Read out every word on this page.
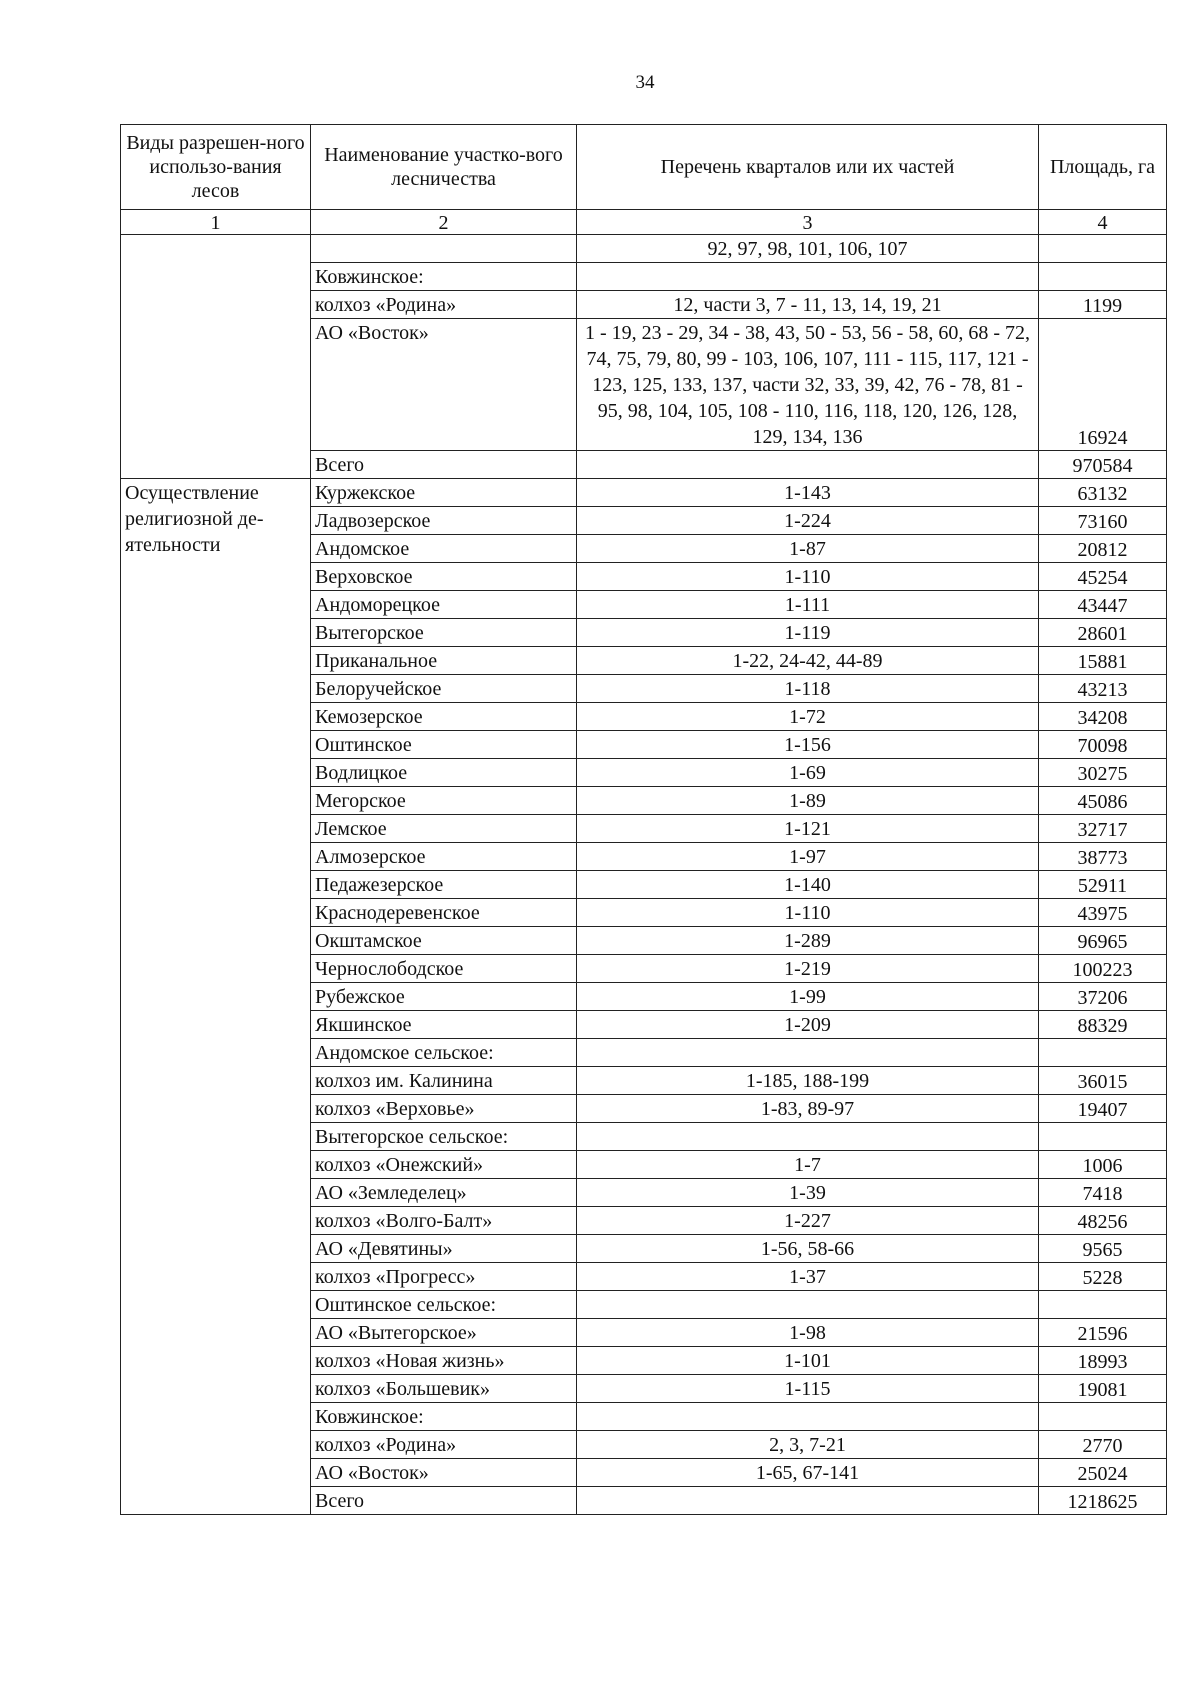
34
Виды разрешен-ного использо-вания лесов	Наименование участко-вого лесничества	Перечень кварталов или их частей	Площадь, га
1	2	3	4
		92, 97, 98, 101, 106, 107	
	Ковжинское:		
	колхоз «Родина»	12, части 3, 7 - 11, 13, 14, 19, 21	1199
	АО «Восток»	1 - 19, 23 - 29, 34 - 38, 43, 50 - 53, 56 - 58, 60, 68 - 72, 74, 75, 79, 80, 99 - 103, 106, 107, 111 - 115, 117, 121 - 123, 125, 133, 137, части 32, 33, 39, 42, 76 - 78, 81 - 95, 98, 104, 105, 108 - 110, 116, 118, 120, 126, 128, 129, 134, 136	16924
	Всего		970584
Осуществление религиозной де-ятельности	Куржекское	1-143	63132
	Ладвозерское	1-224	73160
	Андомское	1-87	20812
	Верховское	1-110	45254
	Андоморецкое	1-111	43447
	Вытегорское	1-119	28601
	Приканальное	1-22, 24-42, 44-89	15881
	Белоручейское	1-118	43213
	Кемозерское	1-72	34208
	Оштинское	1-156	70098
	Водлицкое	1-69	30275
	Мегорское	1-89	45086
	Лемское	1-121	32717
	Алмозерское	1-97	38773
	Педажезерское	1-140	52911
	Краснодеревенское	1-110	43975
	Окштамское	1-289	96965
	Чернослободское	1-219	100223
	Рубежское	1-99	37206
	Якшинское	1-209	88329
	Андомское сельское:		
	колхоз им. Калинина	1-185, 188-199	36015
	колхоз «Верховье»	1-83, 89-97	19407
	Вытегорское сельское:		
	колхоз «Онежский»	1-7	1006
	АО «Земледелец»	1-39	7418
	колхоз «Волго-Балт»	1-227	48256
	АО «Девятины»	1-56, 58-66	9565
	колхоз «Прогресс»	1-37	5228
	Оштинское сельское:		
	АО «Вытегорское»	1-98	21596
	колхоз «Новая жизнь»	1-101	18993
	колхоз «Большевик»	1-115	19081
	Ковжинское:		
	колхоз «Родина»	2, 3, 7-21	2770
	АО «Восток»	1-65, 67-141	25024
	Всего		1218625
